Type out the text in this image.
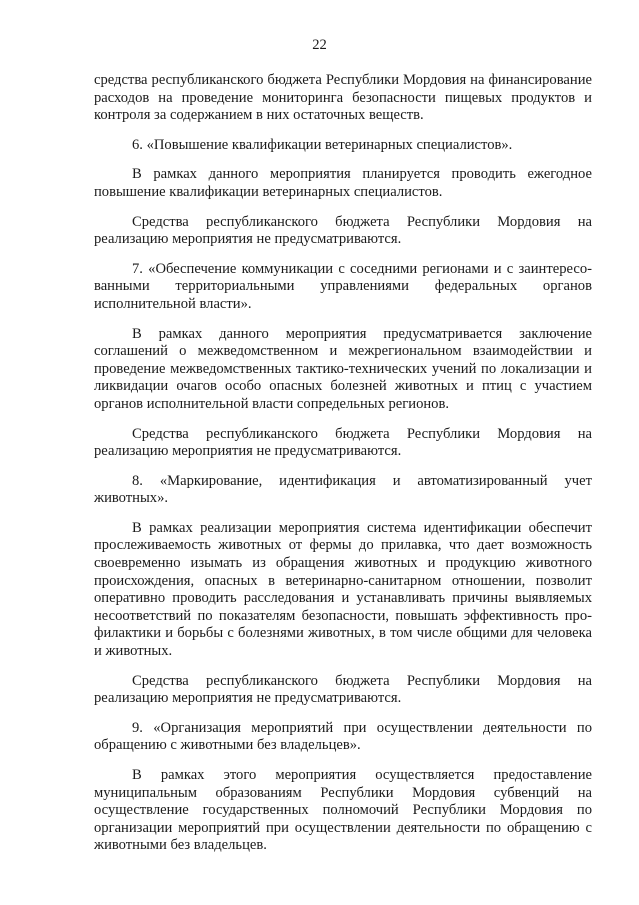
22

средства республиканского бюджета Республики Мордовия на финансирование расходов на проведение мониторинга безопасности пищевых продуктов и контроля за содержанием в них остаточных веществ.

6. «Повышение квалификации ветеринарных специалистов».

В рамках данного мероприятия планируется проводить ежегодное повышение квалификации ветеринарных специалистов.

Средства республиканского бюджета Республики Мордовия на реализацию мероприятия не предусматриваются.

7. «Обеспечение коммуникации с соседними регионами и с заинтересованными территориальными управлениями федеральных органов исполнительной власти».

В рамках данного мероприятия предусматривается заключение соглашений о межведомственном и межрегиональном взаимодействии и проведение межведомственных тактико-технических учений по локализации и ликвидации очагов особо опасных болезней животных и птиц с участием органов исполнительной власти сопредельных регионов.

Средства республиканского бюджета Республики Мордовия на реализацию мероприятия не предусматриваются.

8. «Маркирование, идентификация и автоматизированный учет животных».

В рамках реализации мероприятия система идентификации обеспечит прослеживаемость животных от фермы до прилавка, что дает возможность своевременно изымать из обращения животных и продукцию животного происхождения, опасных в ветеринарно-санитарном отношении, позволит оперативно проводить расследования и устанавливать причины выявляемых несоответствий по показателям безопасности, повышать эффективность профилактики и борьбы с болезнями животных, в том числе общими для человека и животных.

Средства республиканского бюджета Республики Мордовия на реализацию мероприятия не предусматриваются.

9. «Организация мероприятий при осуществлении деятельности по обращению с животными без владельцев».

В рамках этого мероприятия осуществляется предоставление муниципальным образованиям Республики Мордовия субвенций на осуществление государственных полномочий Республики Мордовия по организации мероприятий при осуществлении деятельности по обращению с животными без владельцев.
